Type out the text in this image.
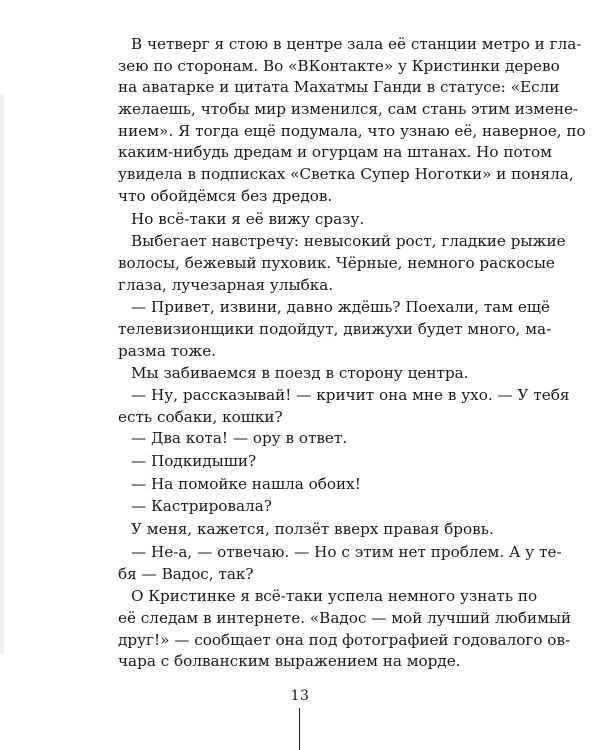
В четверг я стою в центре зала её станции метро и гла-
зею по сторонам. Во «ВКонтакте» у Кристинки дерево
на аватарке и цитата Махатмы Ганди в статусе: «Если
желаешь, чтобы мир изменился, сам стань этим измене-
нием». Я тогда ещё подумала, что узнаю её, наверное, по
каким-нибудь дредам и огурцам на штанах. Но потом
увидела в подписках «Светка Супер Ноготки» и поняла,
что обойдёмся без дредов.
Но всё-таки я её вижу сразу.
Выбегает навстречу: невысокий рост, гладкие рыжие
волосы, бежевый пуховик. Чёрные, немного раскосые
глаза, лучезарная улыбка.
— Привет, извини, давно ждёшь? Поехали, там ещё
телевизионщики подойдут, движухи будет много, ма-
разма тоже.
Мы забиваемся в поезд в сторону центра.
— Ну, рассказывай! — кричит она мне в ухо. — У тебя
есть собаки, кошки?
— Два кота! — ору в ответ.
— Подкидыши?
— На помойке нашла обоих!
— Кастрировала?
У меня, кажется, ползёт вверх правая бровь.
— Не-а, — отвечаю. — Но с этим нет проблем. А у те-
бя — Вадос, так?
О Кристинке я всё-таки успела немного узнать по
её следам в интернете. «Вадос — мой лучший любимый
друг!» — сообщает она под фотографией годовалого ов-
чара с болванским выражением на морде.
13
